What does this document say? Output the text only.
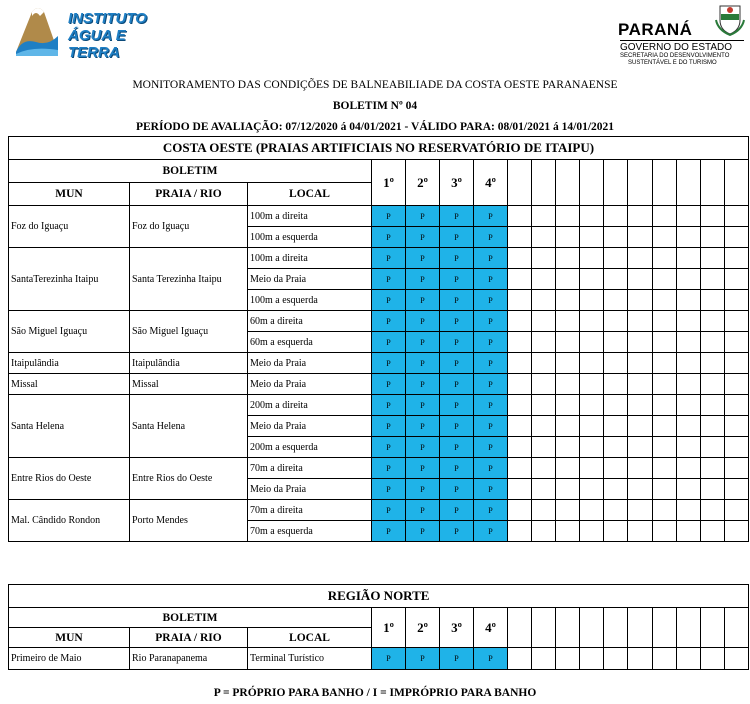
INSTITUTO
ÁGUA E TERRA
PARANÁ
GOVERNO DO ESTADO
SECRETARIA DO DESENVOLVIMENTO
SUSTENTÁVEL E DO TURISMO
MONITORAMENTO DAS CONDIÇÕES DE BALNEABILIADE DA COSTA OESTE PARANAENSE
BOLETIM Nº 04
PERÍODO DE AVALIAÇÃO: 07/12/2020 á 04/01/2021 - VÁLIDO PARA: 08/01/2021 á 14/01/2021
COSTA OESTE (PRAIAS ARTIFICIAIS NO RESERVATÓRIO DE ITAIPU)																
BOLETIM			1º	2º	3º	4º										
MUN	PRAIA / RIO	LOCAL														
Foz do Iguaçu	Foz do Iguaçu	100m a direita	P	P	P	P										
		100m a esquerda	P	P	P	P										
SantaTerezinha Itaipu	Santa Terezinha Itaipu	100m a direita	P	P	P	P										
		Meio da Praia	P	P	P	P										
		100m a esquerda	P	P	P	P										
São Miguel Iguaçu	São Miguel Iguaçu	60m a direita	P	P	P	P										
		60m a esquerda	P	P	P	P										
Itaipulândia	Itaipulândia	Meio da Praia	P	P	P	P										
Missal	Missal	Meio da Praia	P	P	P	P										
Santa Helena	Santa Helena	200m a direita	P	P	P	P										
		Meio da Praia	P	P	P	P										
		200m a esquerda	P	P	P	P										
Entre Rios do Oeste	Entre Rios do Oeste	70m a direita	P	P	P	P										
		Meio da Praia	P	P	P	P										
Mal. Cândido Rondon	Porto Mendes	70m a direita	P	P	P	P										
		70m a esquerda	P	P	P	P										
REGIÃO NORTE																
BOLETIM			1º	2º	3º	4º										
MUN	PRAIA / RIO	LOCAL														
Primeiro de Maio	Rio Paranapanema	Terminal Turístico	P	P	P	P										
P = PRÓPRIO PARA BANHO / I = IMPRÓPRIO PARA BANHO
